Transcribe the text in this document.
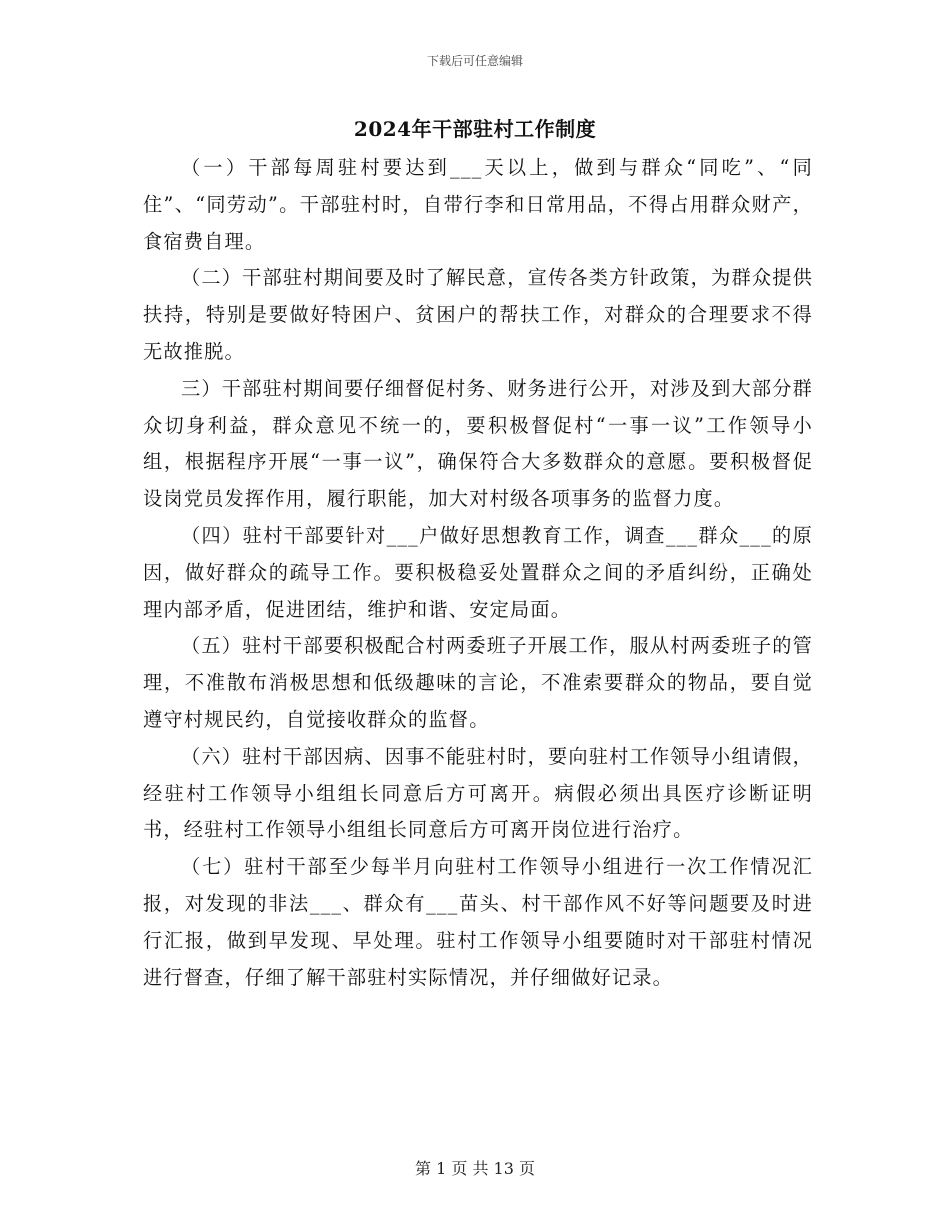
下载后可任意编辑
2024年干部驻村工作制度

（一）干部每周驻村要达到___天以上，做到与群众“同吃”、“同住”、“同劳动”。干部驻村时，自带行李和日常用品，不得占用群众财产，食宿费自理。

（二）干部驻村期间要及时了解民意，宣传各类方针政策，为群众提供扶持，特别是要做好特困户、贫困户的帮扶工作，对群众的合理要求不得无故推脱。

三）干部驻村期间要仔细督促村务、财务进行公开，对涉及到大部分群众切身利益，群众意见不统一的，要积极督促村“一事一议”工作领导小组，根据程序开展“一事一议”，确保符合大多数群众的意愿。要积极督促设岗党员发挥作用，履行职能，加大对村级各项事务的监督力度。

（四）驻村干部要针对___户做好思想教育工作，调查___群众___的原因，做好群众的疏导工作。要积极稳妥处置群众之间的矛盾纠纷，正确处理内部矛盾，促进团结，维护和谐、安定局面。

（五）驻村干部要积极配合村两委班子开展工作，服从村两委班子的管理，不准散布消极思想和低级趣味的言论，不准索要群众的物品，要自觉遵守村规民约，自觉接收群众的监督。

（六）驻村干部因病、因事不能驻村时，要向驻村工作领导小组请假，经驻村工作领导小组组长同意后方可离开。病假必须出具医疗诊断证明书，经驻村工作领导小组组长同意后方可离开岗位进行治疗。

（七）驻村干部至少每半月向驻村工作领导小组进行一次工作情况汇报，对发现的非法___、群众有___苗头、村干部作风不好等问题要及时进行汇报，做到早发现、早处理。驻村工作领导小组要随时对干部驻村情况进行督查，仔细了解干部驻村实际情况，并仔细做好记录。

第 1 页 共 13 页
